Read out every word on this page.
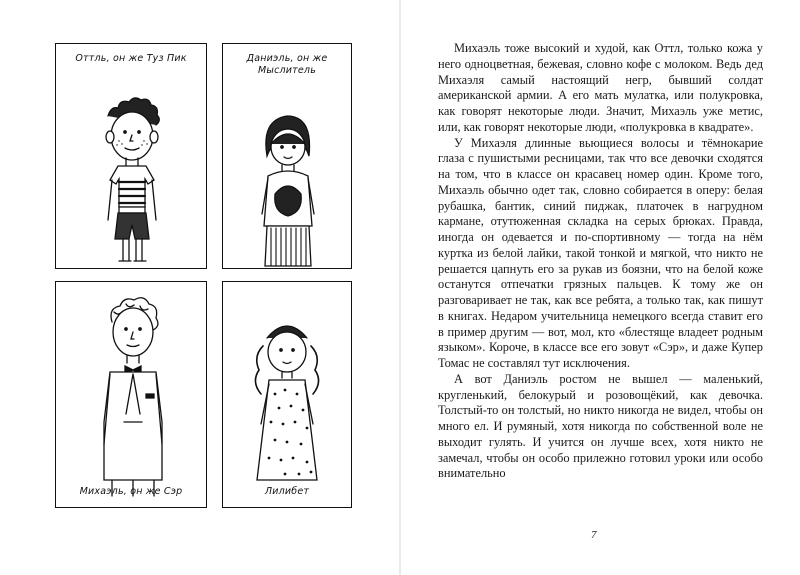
Оттль, он же Туз Пик	Даниэль, он же
Мыслитель
Михаэль, он же Сэр	Лилибет

Михаэль тоже высокий и худой, как Оттл, только кожа у него одноцветная, бежевая, словно кофе с молоком. Ведь дед Михаэля самый настоящий негр, бывший солдат американской армии. А его мать мулатка, или полукровка, как говорят некоторые люди. Значит, Михаэль уже метис, или, как говорят некоторые люди, «полукровка в квадрате».

У Михаэля длинные вьющиеся волосы и тёмнокарие глаза с пушистыми ресницами, так что все девочки сходятся на том, что в классе он красавец номер один. Кроме того, Михаэль обычно одет так, словно собирается в оперу: белая рубашка, бантик, синий пиджак, платочек в нагрудном кармане, отутюженная складка на серых брюках. Правда, иногда он одевается и по-спортивному — тогда на нём куртка из белой лайки, такой тонкой и мягкой, что никто не решается цапнуть его за рукав из боязни, что на белой коже останутся отпечатки грязных пальцев. К тому же он разговаривает не так, как все ребята, а только так, как пишут в книгах. Недаром учительница немецкого всегда ставит его в пример другим — вот, мол, кто «блестяще владеет родным языком». Короче, в классе все его зовут «Сэр», и даже Купер Томас не составлял тут исключения.

А вот Даниэль ростом не вышел — маленький, кругленький, белокурый и розовощёкий, как девочка. Толстый-то он толстый, но никто никогда не видел, чтобы он много ел. И румяный, хотя никогда по собственной воле не выходит гулять. И учится он лучше всех, хотя никто не замечал, чтобы он особо прилежно готовил уроки или особо внимательно

7
